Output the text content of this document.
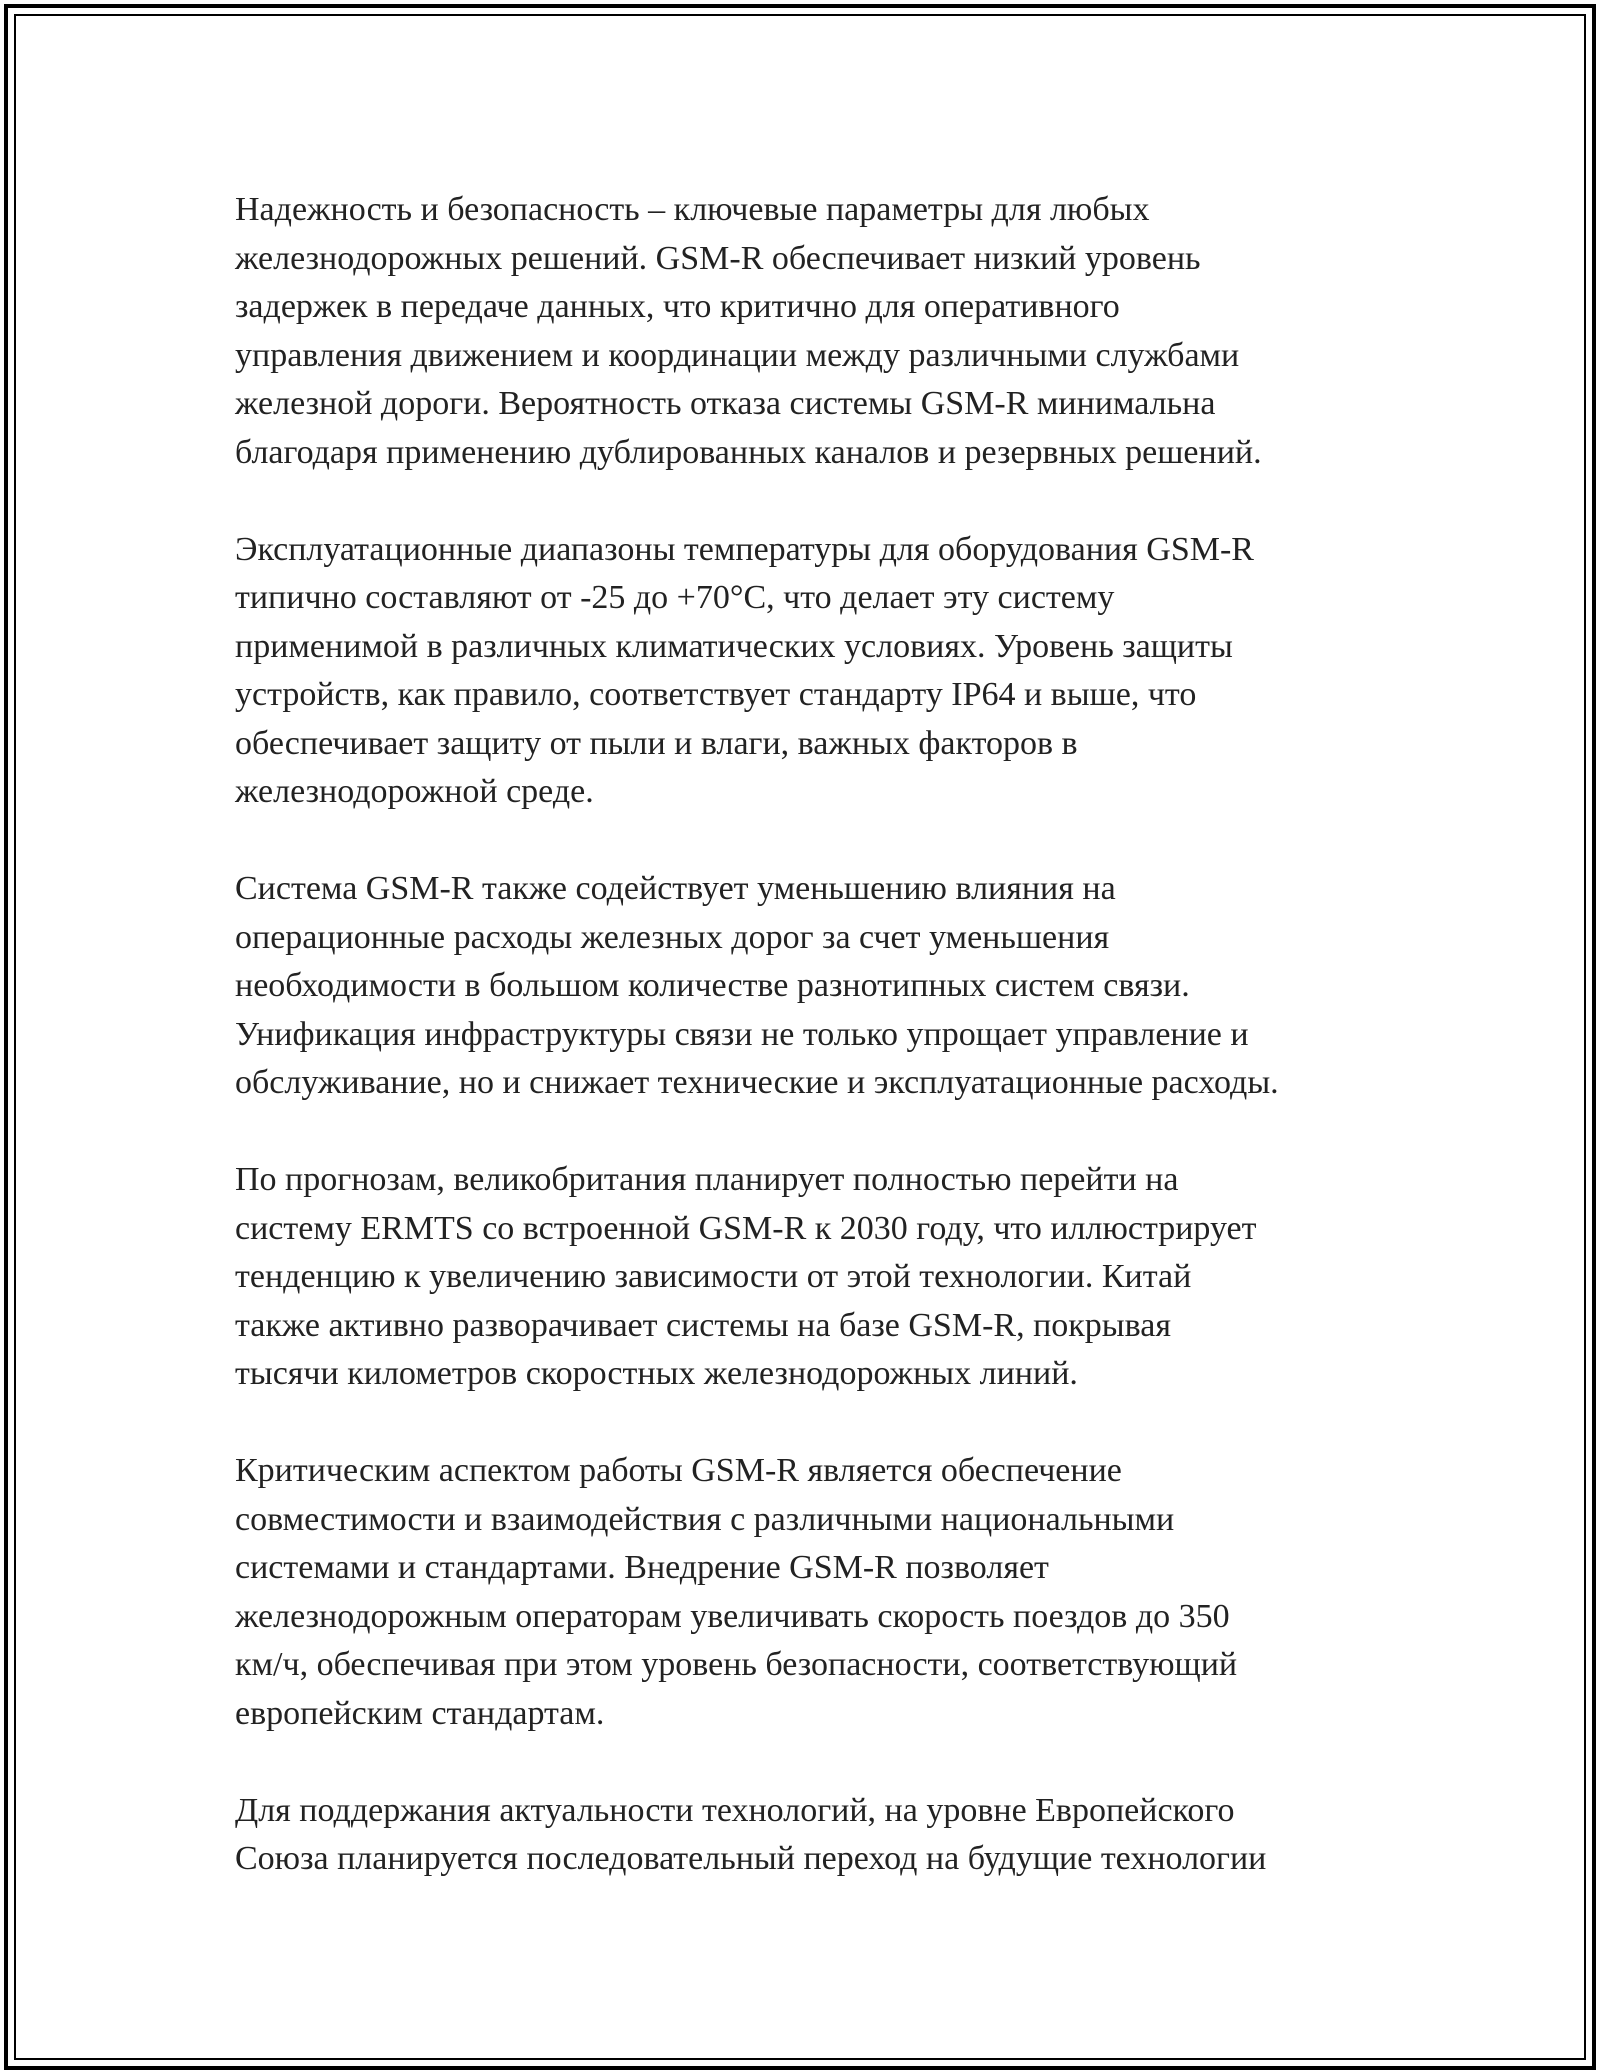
Надежность и безопасность – ключевые параметры для любых
железнодорожных решений. GSM-R обеспечивает низкий уровень
задержек в передаче данных, что критично для оперативного
управления движением и координации между различными службами
железной дороги. Вероятность отказа системы GSM-R минимальна
благодаря применению дублированных каналов и резервных решений.

Эксплуатационные диапазоны температуры для оборудования GSM-R
типично составляют от -25 до +70°C, что делает эту систему
применимой в различных климатических условиях. Уровень защиты
устройств, как правило, соответствует стандарту IP64 и выше, что
обеспечивает защиту от пыли и влаги, важных факторов в
железнодорожной среде.

Система GSM-R также содействует уменьшению влияния на
операционные расходы железных дорог за счет уменьшения
необходимости в большом количестве разнотипных систем связи.
Унификация инфраструктуры связи не только упрощает управление и
обслуживание, но и снижает технические и эксплуатационные расходы.

По прогнозам, великобритания планирует полностью перейти на
систему ERMTS со встроенной GSM-R к 2030 году, что иллюстрирует
тенденцию к увеличению зависимости от этой технологии. Китай
также активно разворачивает системы на базе GSM-R, покрывая
тысячи километров скоростных железнодорожных линий.

Критическим аспектом работы GSM-R является обеспечение
совместимости и взаимодействия с различными национальными
системами и стандартами. Внедрение GSM-R позволяет
железнодорожным операторам увеличивать скорость поездов до 350
км/ч, обеспечивая при этом уровень безопасности, соответствующий
европейским стандартам.

Для поддержания актуальности технологий, на уровне Европейского
Союза планируется последовательный переход на будущие технологии
